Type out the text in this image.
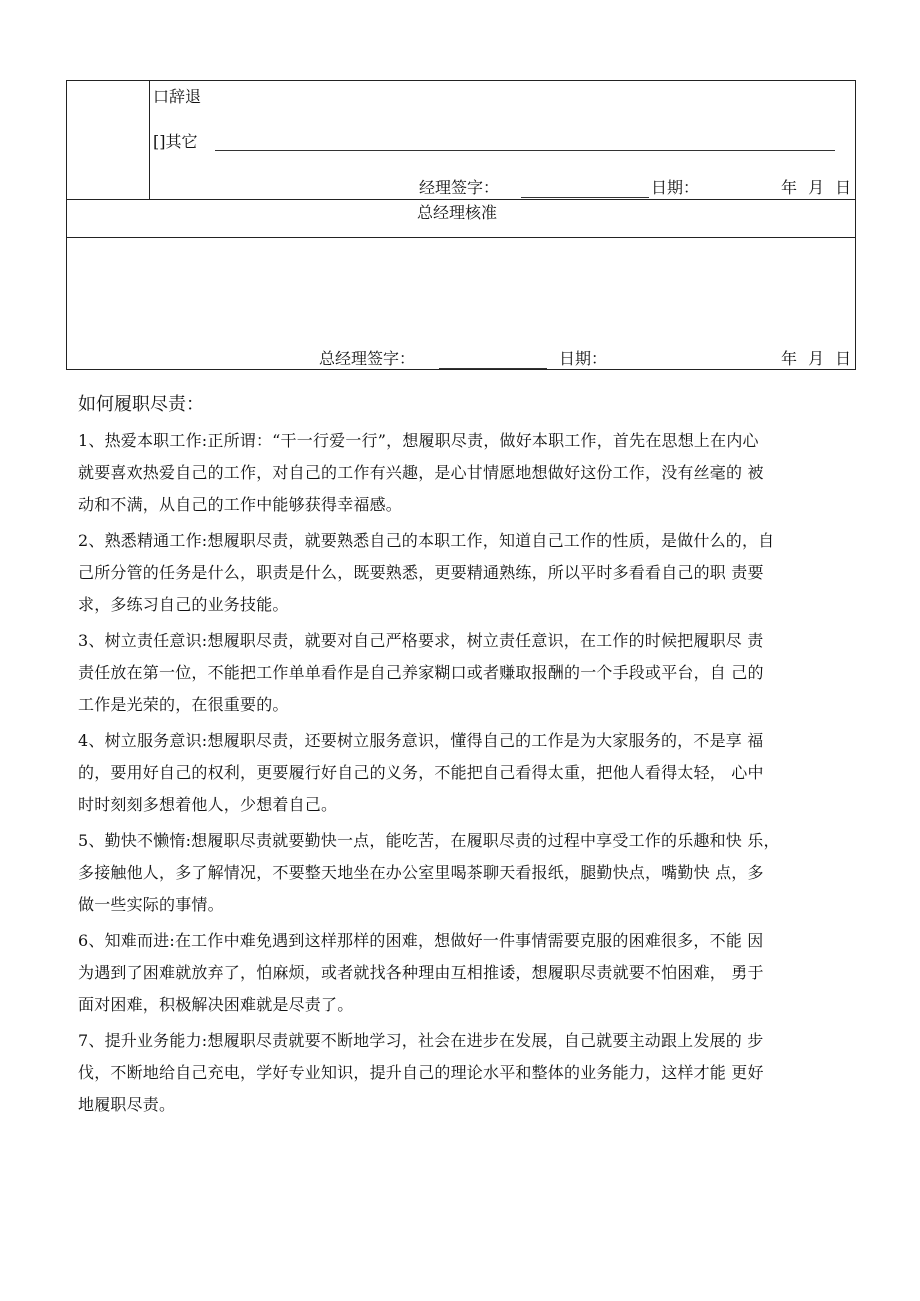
口辞退
[]其它
经理签字：	日期：	年 月 日
总经理核准
总经理签字：	日期：	年 月 日
如何履职尽责：
1、热爱本职工作:正所谓：“干一行爱一行”，想履职尽责，做好本职工作，首先在思想上在内心
就要喜欢热爱自己的工作，对自己的工作有兴趣，是心甘情愿地想做好这份工作，没有丝毫的 被
动和不满，从自己的工作中能够获得幸福感。
2、熟悉精通工作:想履职尽责，就要熟悉自己的本职工作，知道自己工作的性质，是做什么的，自
己所分管的任务是什么，职责是什么，既要熟悉，更要精通熟练，所以平时多看看自己的职 责要
求，多练习自己的业务技能。
3、树立责任意识:想履职尽责，就要对自己严格要求，树立责任意识，在工作的时候把履职尽 责
责任放在第一位，不能把工作单单看作是自己养家糊口或者赚取报酬的一个手段或平台，自 己的
工作是光荣的，在很重要的。
4、树立服务意识:想履职尽责，还要树立服务意识，懂得自己的工作是为大家服务的，不是享 福
的，要用好自己的权利，更要履行好自己的义务，不能把自己看得太重，把他人看得太轻， 心中
时时刻刻多想着他人，少想着自己。
5、勤快不懒惰:想履职尽责就要勤快一点，能吃苦，在履职尽责的过程中享受工作的乐趣和快 乐，
多接触他人，多了解情况，不要整天地坐在办公室里喝茶聊天看报纸，腿勤快点，嘴勤快 点，多
做一些实际的事情。
6、知难而进:在工作中难免遇到这样那样的困难，想做好一件事情需要克服的困难很多，不能 因
为遇到了困难就放弃了，怕麻烦，或者就找各种理由互相推诿，想履职尽责就要不怕困难， 勇于
面对困难，积极解决困难就是尽责了。
7、提升业务能力:想履职尽责就要不断地学习，社会在进步在发展，自己就要主动跟上发展的 步
伐，不断地给自己充电，学好专业知识，提升自己的理论水平和整体的业务能力，这样才能 更好
地履职尽责。
